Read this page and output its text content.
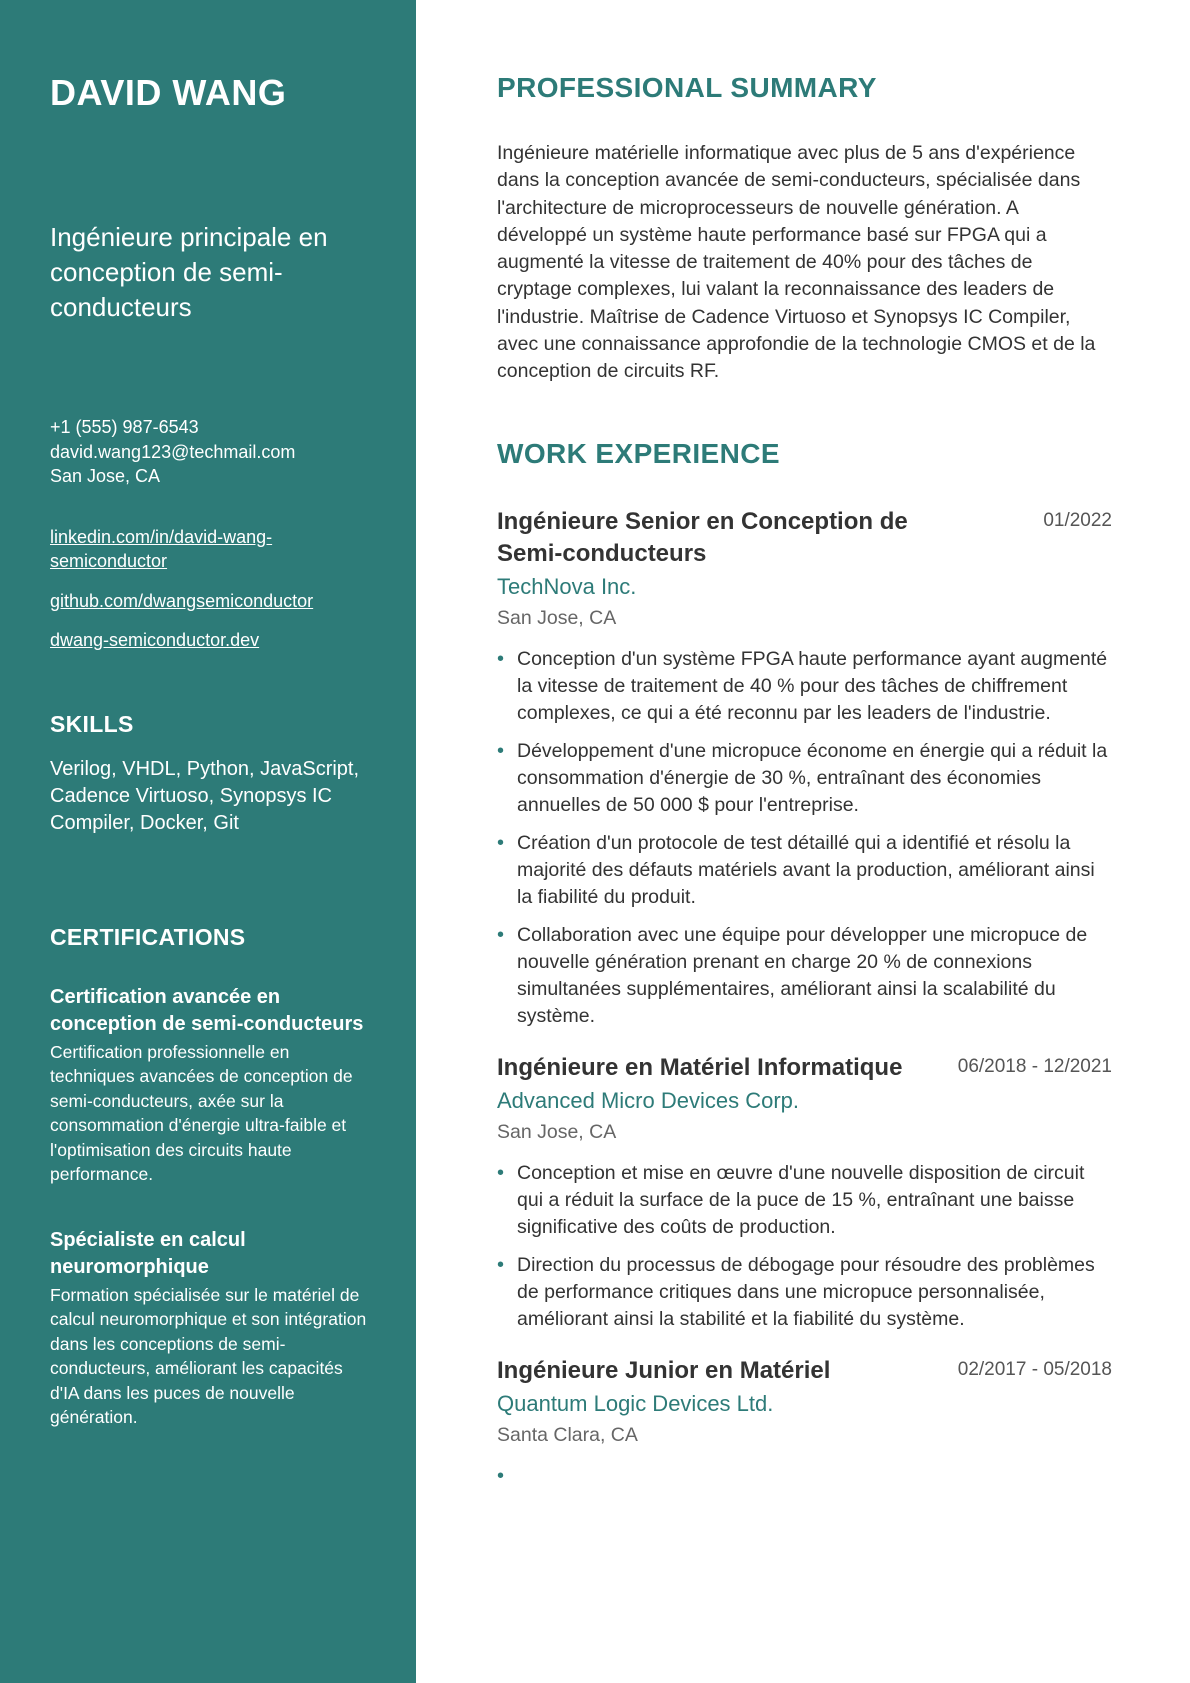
DAVID WANG
Ingénieure principale en conception de semi-conducteurs
+1 (555) 987-6543
david.wang123@techmail.com
San Jose, CA
linkedin.com/in/david-wang-semiconductor
github.com/dwangsemiconductor
dwang-semiconductor.dev
SKILLS
Verilog, VHDL, Python, JavaScript, Cadence Virtuoso, Synopsys IC Compiler, Docker, Git
CERTIFICATIONS
Certification avancée en conception de semi-conducteurs
Certification professionnelle en techniques avancées de conception de semi-conducteurs, axée sur la consommation d'énergie ultra-faible et l'optimisation des circuits haute performance.
Spécialiste en calcul neuromorphique
Formation spécialisée sur le matériel de calcul neuromorphique et son intégration dans les conceptions de semi-conducteurs, améliorant les capacités d'IA dans les puces de nouvelle génération.
PROFESSIONAL SUMMARY
Ingénieure matérielle informatique avec plus de 5 ans d'expérience dans la conception avancée de semi-conducteurs, spécialisée dans l'architecture de microprocesseurs de nouvelle génération. A développé un système haute performance basé sur FPGA qui a augmenté la vitesse de traitement de 40% pour des tâches de cryptage complexes, lui valant la reconnaissance des leaders de l'industrie. Maîtrise de Cadence Virtuoso et Synopsys IC Compiler, avec une connaissance approfondie de la technologie CMOS et de la conception de circuits RF.
WORK EXPERIENCE
Ingénieure Senior en Conception de Semi-conducteurs
01/2022
TechNova Inc.
San Jose, CA
• Conception d'un système FPGA haute performance ayant augmenté la vitesse de traitement de 40 % pour des tâches de chiffrement complexes, ce qui a été reconnu par les leaders de l'industrie.
• Développement d'une micropuce économe en énergie qui a réduit la consommation d'énergie de 30 %, entraînant des économies annuelles de 50 000 $ pour l'entreprise.
• Création d'un protocole de test détaillé qui a identifié et résolu la majorité des défauts matériels avant la production, améliorant ainsi la fiabilité du produit.
• Collaboration avec une équipe pour développer une micropuce de nouvelle génération prenant en charge 20 % de connexions simultanées supplémentaires, améliorant ainsi la scalabilité du système.
Ingénieure en Matériel Informatique	06/2018 - 12/2021
Advanced Micro Devices Corp.
San Jose, CA
• Conception et mise en œuvre d'une nouvelle disposition de circuit qui a réduit la surface de la puce de 15 %, entraînant une baisse significative des coûts de production.
• Direction du processus de débogage pour résoudre des problèmes de performance critiques dans une micropuce personnalisée, améliorant ainsi la stabilité et la fiabilité du système.
Ingénieure Junior en Matériel	02/2017 - 05/2018
Quantum Logic Devices Ltd.
Santa Clara, CA
•
